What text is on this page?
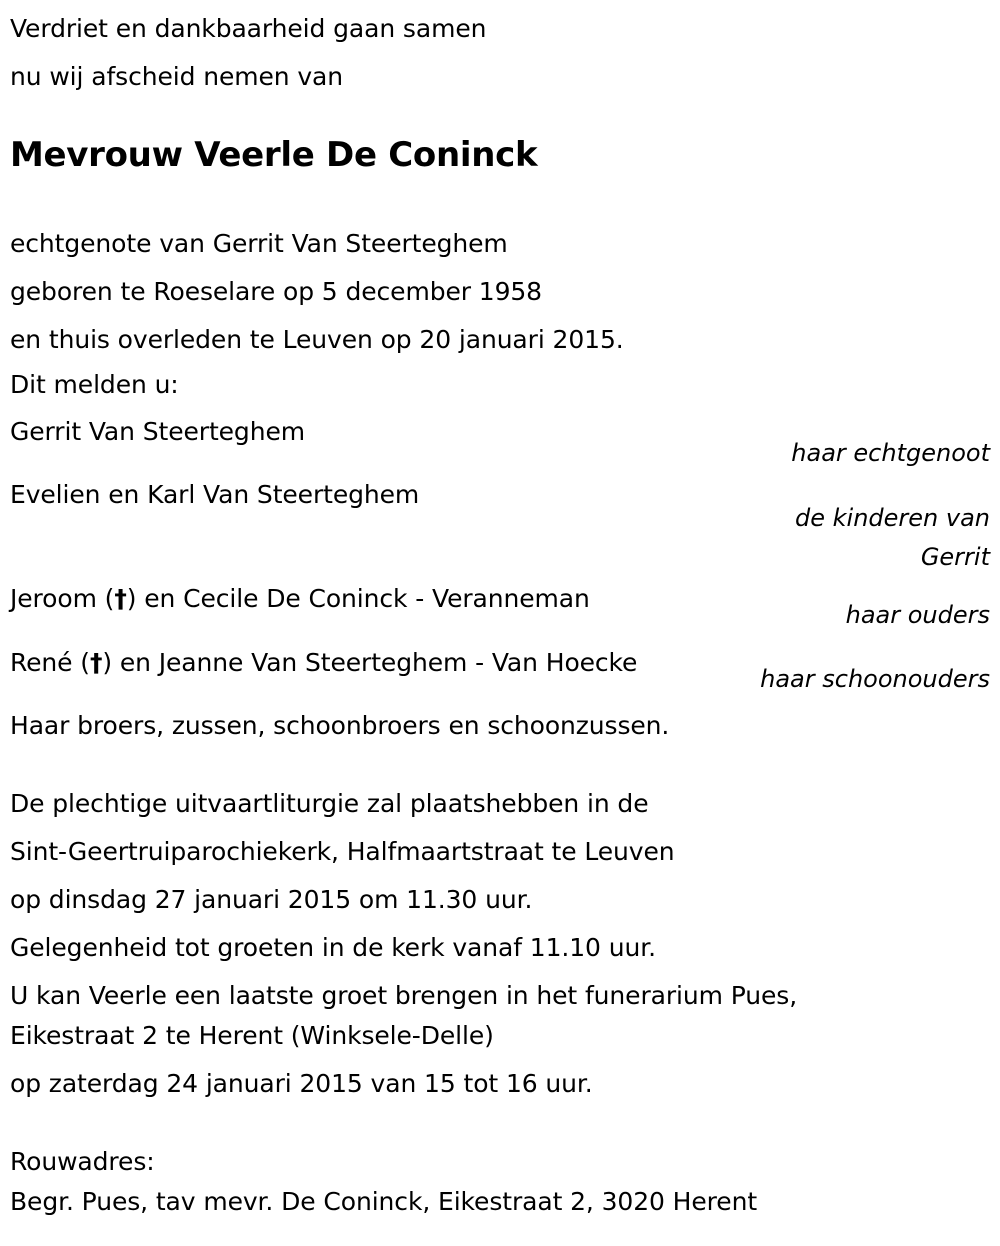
Verdriet en dankbaarheid gaan samen
nu wij afscheid nemen van
Mevrouw Veerle De Coninck
echtgenote van Gerrit Van Steerteghem
geboren te Roeselare op 5 december 1958
en thuis overleden te Leuven op 20 januari 2015.
Dit melden u:
Gerrit Van Steerteghem
haar echtgenoot
Evelien en Karl Van Steerteghem
de kinderen van
Gerrit
Jeroom (†) en Cecile De Coninck - Veranneman
haar ouders
René (†) en Jeanne Van Steerteghem - Van Hoecke
haar schoonouders
Haar broers, zussen, schoonbroers en schoonzussen.
De plechtige uitvaartliturgie zal plaatshebben in de
Sint-Geertruiparochiekerk, Halfmaartstraat te Leuven
op dinsdag 27 januari 2015 om 11.30 uur.
Gelegenheid tot groeten in de kerk vanaf 11.10 uur.
U kan Veerle een laatste groet brengen in het funerarium Pues,
Eikestraat 2 te Herent (Winksele-Delle)
op zaterdag 24 januari 2015 van 15 tot 16 uur.
Rouwadres:
Begr. Pues, tav mevr. De Coninck, Eikestraat 2, 3020 Herent
